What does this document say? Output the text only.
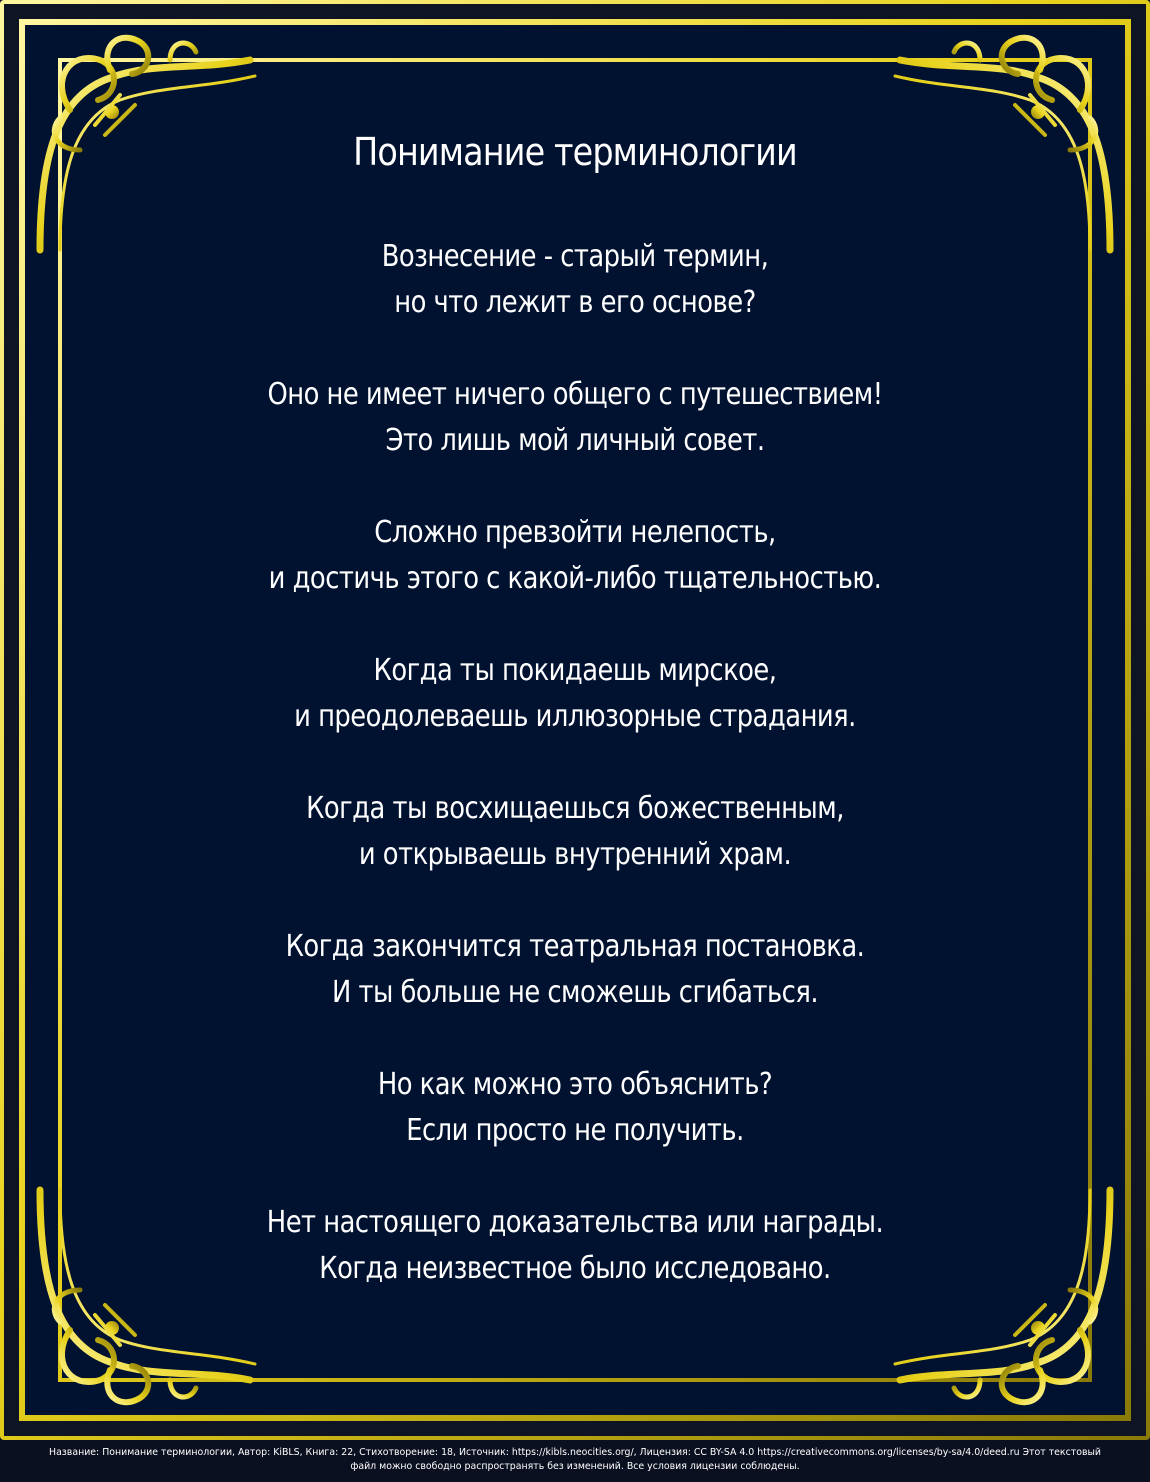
Понимание терминологии
Вознесение - старый термин,
но что лежит в его основе?
Оно не имеет ничего общего с путешествием!
Это лишь мой личный совет.
Сложно превзойти нелепость,
и достичь этого с какой-либо тщательностью.
Когда ты покидаешь мирское,
и преодолеваешь иллюзорные страдания.
Когда ты восхищаешься божественным,
и открываешь внутренний храм.
Когда закончится театральная постановка.
И ты больше не сможешь сгибаться.
Но как можно это объяснить?
Если просто не получить.
Нет настоящего доказательства или награды.
Когда неизвестное было исследовано.
Название: Понимание терминологии, Автор: KiBLS, Книга: 22, Стихотворение: 18, Источник: https://kibls.neocities.org/, Лицензия: CC BY-SA 4.0 https://creativecommons.org/licenses/by-sa/4.0/deed.ru Этот текстовый
файл можно свободно распространять без изменений. Все условия лицензии соблюдены.
